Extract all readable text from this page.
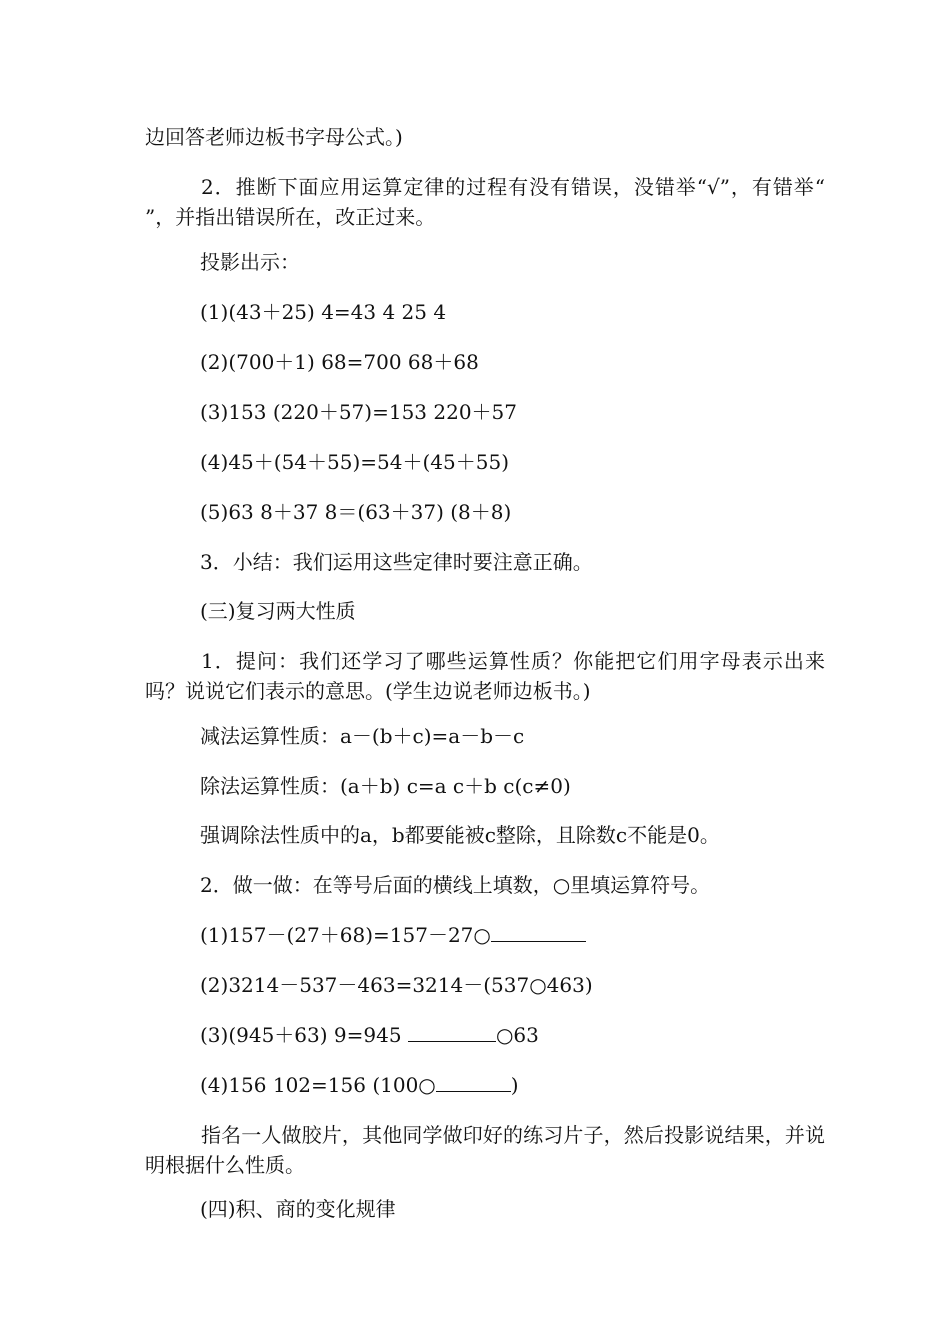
边回答老师边板书字母公式。)
2．推断下面应用运算定律的过程有没有错误，没错举“√”，有错举“ ”，并指出错误所在，改正过来。
投影出示：
(1)(43＋25) 4=43 4 25 4
(2)(700＋1) 68=700 68＋68
(3)153 (220＋57)=153 220＋57
(4)45＋(54＋55)=54＋(45＋55)
(5)63 8＋37 8＝(63＋37) (8＋8)
3．小结：我们运用这些定律时要注意正确。
(三)复习两大性质
1．提问：我们还学习了哪些运算性质？你能把它们用字母表示出来吗？说说它们表示的意思。(学生边说老师边板书。)
减法运算性质：a－(b＋c)=a－b－c
除法运算性质：(a＋b) c=a c＋b c(c≠0)
强调除法性质中的a，b都要能被c整除，且除数c不能是0。
2．做一做：在等号后面的横线上填数，○里填运算符号。
(1)157－(27＋68)=157－27○
(2)3214－537－463=3214－(537○463)
(3)(945＋63) 9=945	○63
(4)156 102=156 (100○	)
指名一人做胶片，其他同学做印好的练习片子，然后投影说结果，并说明根据什么性质。
(四)积、商的变化规律
